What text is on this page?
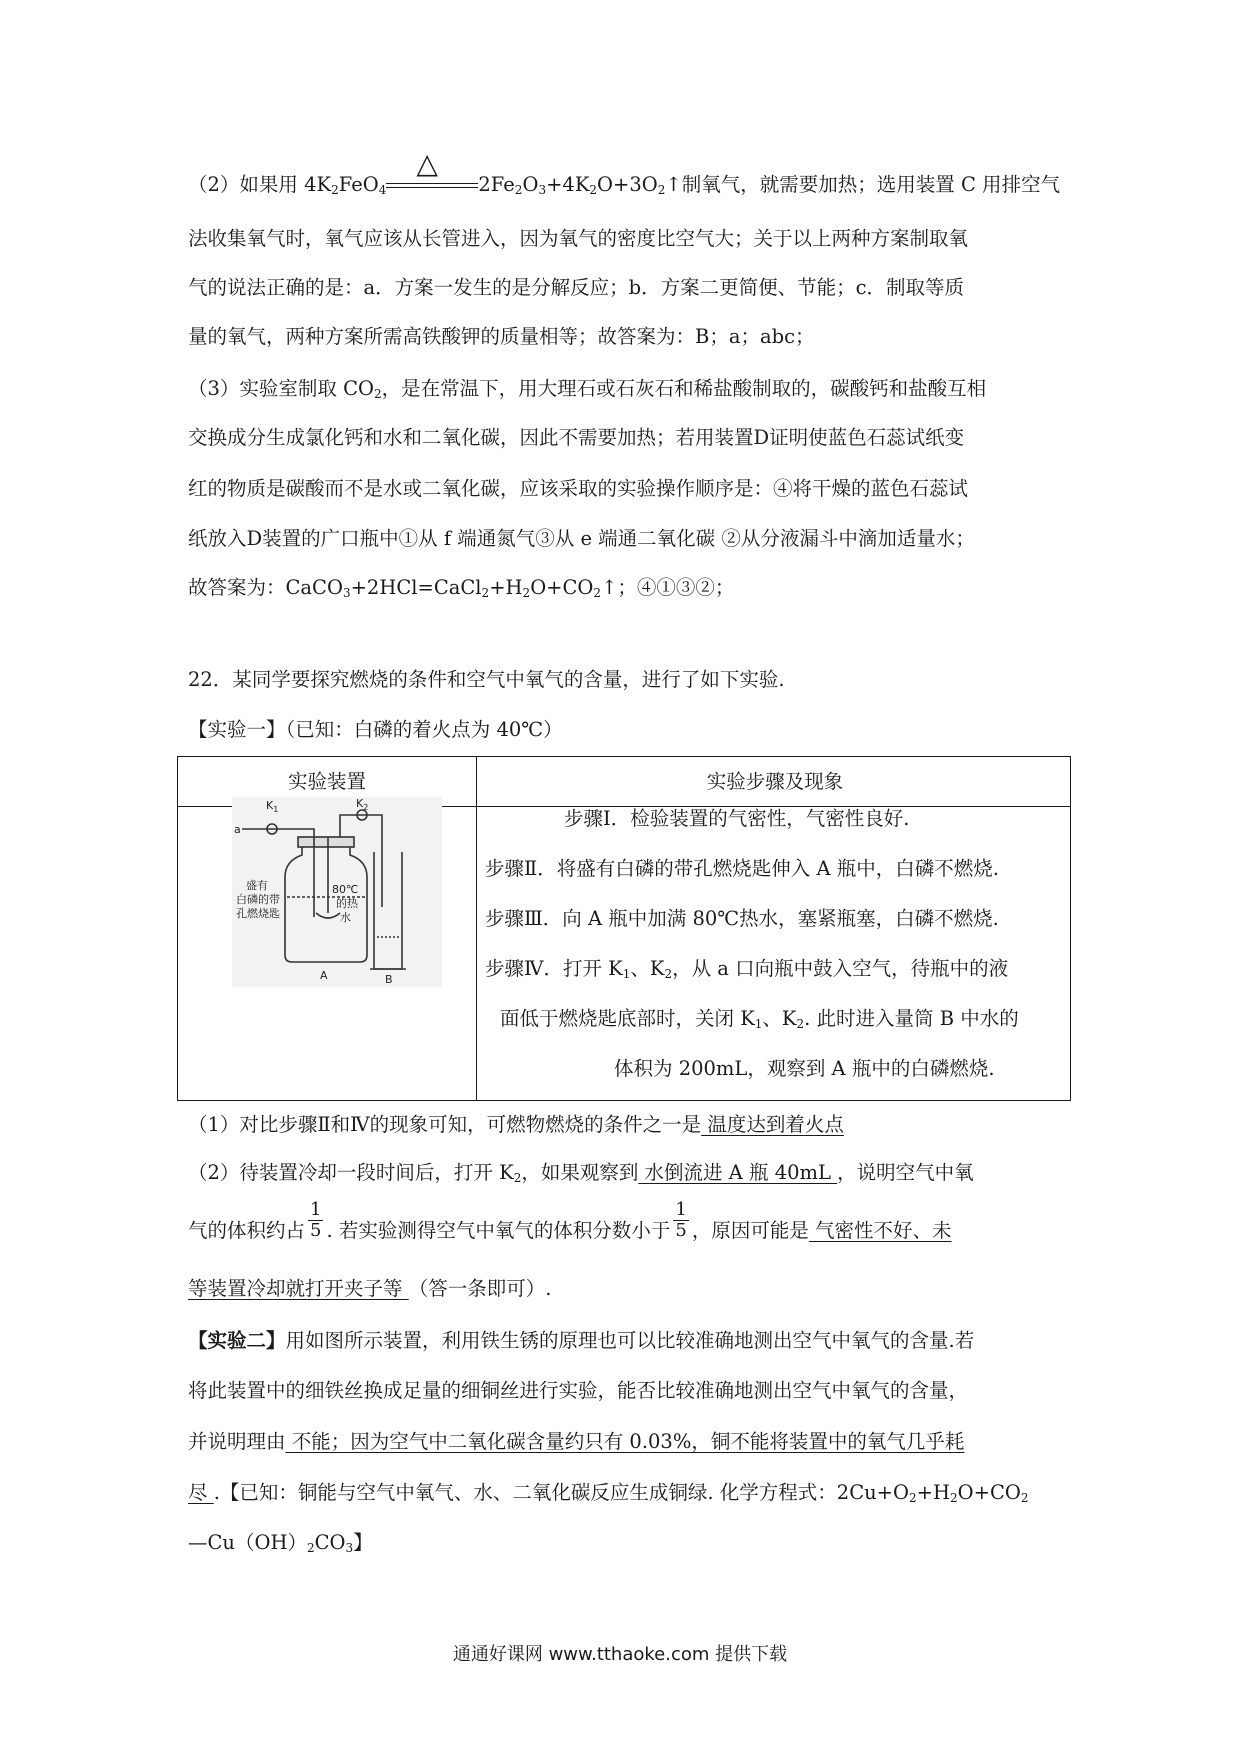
（2）如果用 $4K_2FeO_4$
△
$2Fe_2O_3+4K_2O+3O_2↑$制氧气，就需要加热；选用装置 C 用排空气
法收集氧气时，氧气应该从长管进入，因为氧气的密度比空气大；关于以上两种方案制取氧
气的说法正确的是：a．方案一发生的是分解反应；b．方案二更简便、节能；c．制取等质
量的氧气，两种方案所需高铁酸钾的质量相等；故答案为：B；a；abc；
（3）实验室制取 $CO_2$，是在常温下，用大理石或石灰石和稀盐酸制取的，碳酸钙和盐酸互相
交换成分生成氯化钙和水和二氧化碳，因此不需要加热；若用装置D证明使蓝色石蕊试纸变
红的物质是碳酸而不是水或二氧化碳，应该采取的实验操作顺序是：④将干燥的蓝色石蕊试
纸放入D装置的广口瓶中①从 f 端通氮气③从 e 端通二氧化碳 ②从分液漏斗中滴加适量水；
故答案为：$CaCO_3+2HCl=CaCl_2+H_2O+CO_2↑$；④①③②；
22．某同学要探究燃烧的条件和空气中氧气的含量，进行了如下实验.
【实验一】（已知：白磷的着火点为 40℃）
实验装置	实验步骤及现象
步骤Ⅰ．检验装置的气密性，气密性良好.
步骤Ⅱ．将盛有白磷的带孔燃烧匙伸入 A 瓶中，白磷不燃烧.
步骤Ⅲ．向 A 瓶中加满 80℃热水，塞紧瓶塞，白磷不燃烧.
步骤Ⅳ．打开 $K_1$、$K_2$，从 a 口向瓶中鼓入空气，待瓶中的液
面低于燃烧匙底部时，关闭 $K_1$、$K_2$. 此时进入量筒 B 中水的
体积为 200mL，观察到 A 瓶中的白磷燃烧.
$K_1$	$K_2$
a
盛有
白磷的带
孔燃烧匙
80℃
的热
水
A	B
（1）对比步骤Ⅱ和Ⅳ的现象可知，可燃物燃烧的条件之一是 温度达到着火点
（2）待装置冷却一段时间后，打开 $K_2$，如果观察到 水倒流进 A 瓶 40mL ，说明空气中氧
气的体积约占 $\frac{1}{5}$ . 若实验测得空气中氧气的体积分数小于 $\frac{1}{5}$ ，原因可能是 气密性不好、未
等装置冷却就打开夹子等 （答一条即可）.
【实验二】用如图所示装置，利用铁生锈的原理也可以比较准确地测出空气中氧气的含量.若
将此装置中的细铁丝换成足量的细铜丝进行实验，能否比较准确地测出空气中氧气的含量，
并说明理由 不能；因为空气中二氧化碳含量约只有 0.03%，铜不能将装置中的氧气几乎耗
尽 .【已知：铜能与空气中氧气、水、二氧化碳反应生成铜绿. 化学方程式：$2Cu+O_2+H_2O+CO_2$
$—Cu(OH)_2CO_3$】
通通好课网 www.tthaoke.com 提供下载
